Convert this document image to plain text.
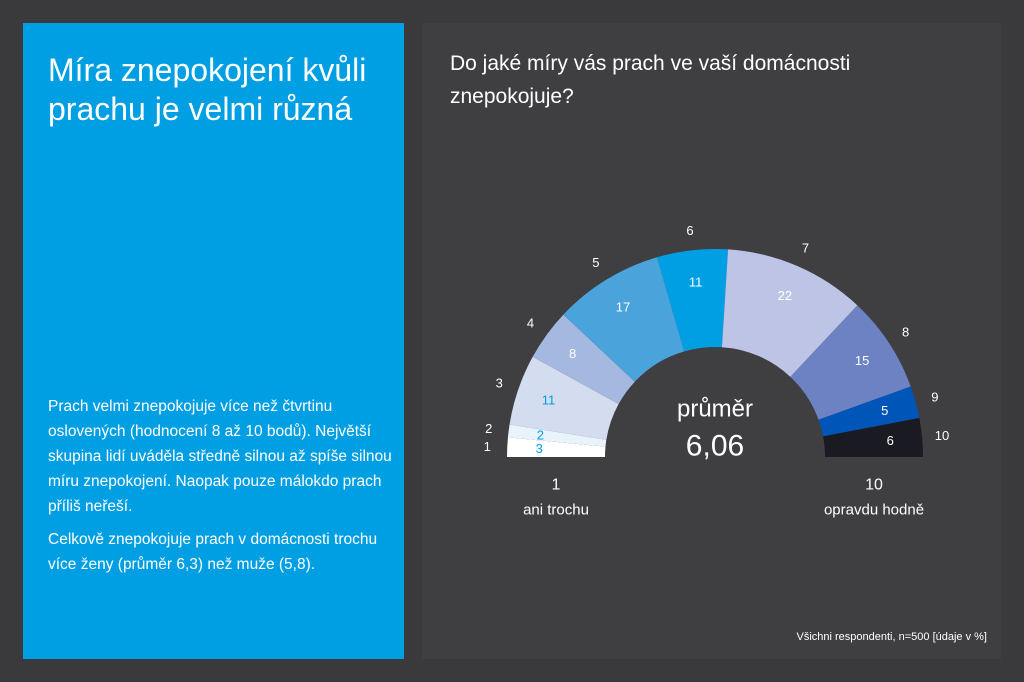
Míra znepokojení kvůli prachu je velmi různá

Prach velmi znepokojuje více než čtvrtinu oslovených (hodnocení 8 až 10 bodů). Největší skupina lidí uváděla středně silnou až spíše silnou míru znepokojení. Naopak pouze málokdo prach příliš neřeší.

Celkově znepokojuje prach v domácnosti trochu více ženy (průměr 6,3) než muže (5,8).

Do jaké míry vás prach ve vaší domácnosti znepokojuje?
3
1
2
2
11
3
8
4
17
5
11
6
22
7
15
8
5
9
6	10
průměr
6,06
1
ani trochu
10
opravdu hodně
Všichni respondenti, n=500 [údaje v %]
